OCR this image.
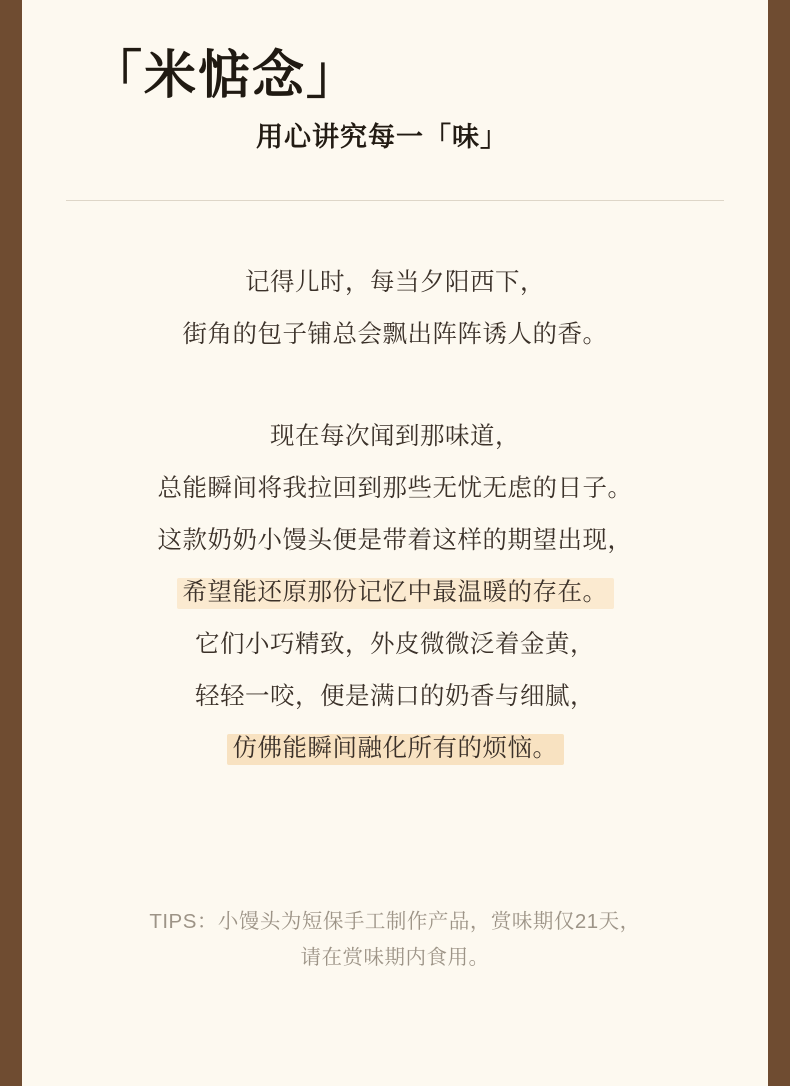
「米惦念」
用心讲究每一「味」
记得儿时，每当夕阳西下，
街角的包子铺总会飘出阵阵诱人的香。
现在每次闻到那味道，
总能瞬间将我拉回到那些无忧无虑的日子。
这款奶奶小馒头便是带着这样的期望出现，
希望能还原那份记忆中最温暖的存在。
它们小巧精致，外皮微微泛着金黄，
轻轻一咬，便是满口的奶香与细腻，
仿佛能瞬间融化所有的烦恼。
TIPS：小馒头为短保手工制作产品，赏味期仅21天，
请在赏味期内食用。
